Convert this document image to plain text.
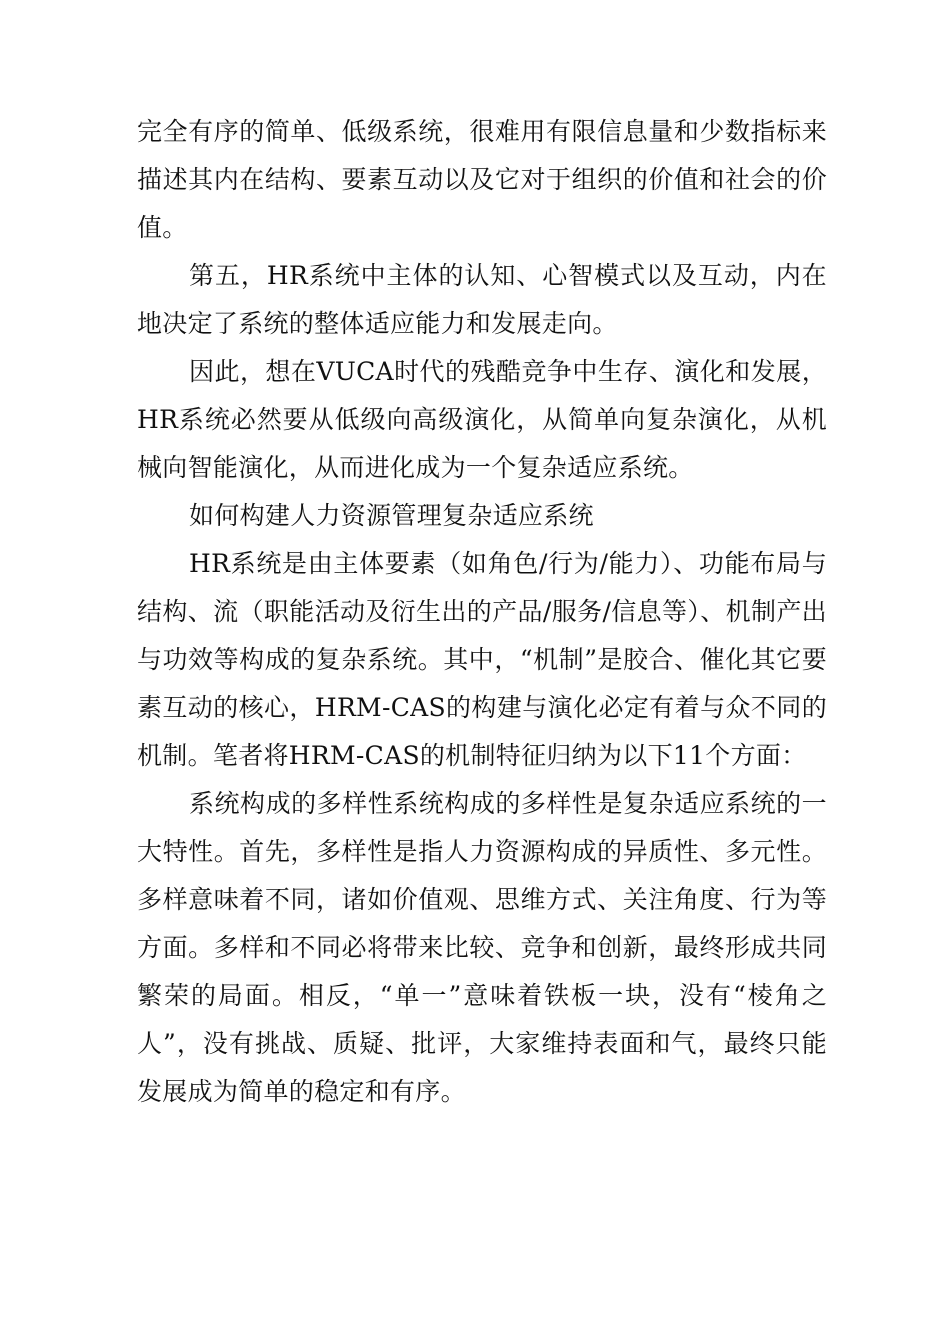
完全有序的简单、低级系统，很难用有限信息量和少数指标来描述其内在结构、要素互动以及它对于组织的价值和社会的价值。

第五，HR系统中主体的认知、心智模式以及互动，内在地决定了系统的整体适应能力和发展走向。

因此，想在VUCA时代的残酷竞争中生存、演化和发展，HR系统必然要从低级向高级演化，从简单向复杂演化，从机械向智能演化，从而进化成为一个复杂适应系统。

如何构建人力资源管理复杂适应系统

HR系统是由主体要素（如角色/行为/能力）、功能布局与结构、流（职能活动及衍生出的产品/服务/信息等）、机制产出与功效等构成的复杂系统。其中，“机制”是胶合、催化其它要素互动的核心，HRM-CAS的构建与演化必定有着与众不同的机制。笔者将HRM-CAS的机制特征归纳为以下11个方面：

系统构成的多样性系统构成的多样性是复杂适应系统的一大特性。首先，多样性是指人力资源构成的异质性、多元性。多样意味着不同，诸如价值观、思维方式、关注角度、行为等方面。多样和不同必将带来比较、竞争和创新，最终形成共同繁荣的局面。相反，“单一”意味着铁板一块，没有“棱角之人”，没有挑战、质疑、批评，大家维持表面和气，最终只能发展成为简单的稳定和有序。
